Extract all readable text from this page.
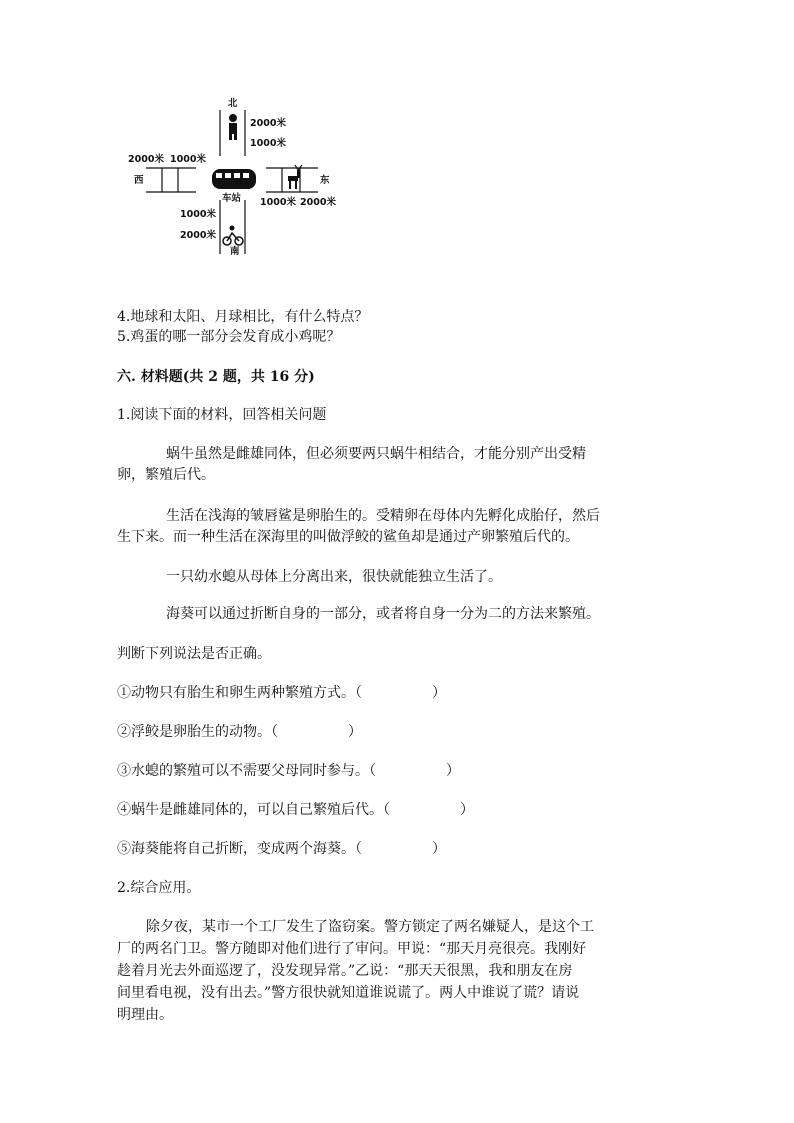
北
2000米
1000米
2000米 1000米
西	东
1000米 2000米
车站
1000米
2000米
南
4.地球和太阳、月球相比，有什么特点？
5.鸡蛋的哪一部分会发育成小鸡呢？
六. 材料题(共 2 题，共 16 分)
1.阅读下面的材料，回答相关问题
蜗牛虽然是雌雄同体，但必须要两只蜗牛相结合，才能分别产出受精
卵，繁殖后代。
生活在浅海的皱唇鲨是卵胎生的。受精卵在母体内先孵化成胎仔，然后
生下来。而一种生活在深海里的叫做浮鲛的鲨鱼却是通过产卵繁殖后代的。
一只幼水螅从母体上分离出来，很快就能独立生活了。
海葵可以通过折断自身的一部分，或者将自身一分为二的方法来繁殖。
判断下列说法是否正确。
①动物只有胎生和卵生两种繁殖方式。（　　　　　）
②浮鲛是卵胎生的动物。（　　　　　）
③水螅的繁殖可以不需要父母同时参与。（　　　　　）
④蜗牛是雌雄同体的，可以自己繁殖后代。（　　　　　）
⑤海葵能将自己折断，变成两个海葵。（　　　　　）
2.综合应用。
除夕夜，某市一个工厂发生了盗窃案。警方锁定了两名嫌疑人，是这个工
厂的两名门卫。警方随即对他们进行了审问。甲说：“那天月亮很亮。我刚好
趁着月光去外面巡逻了，没发现异常。”乙说：“那天天很黑，我和朋友在房
间里看电视，没有出去。”警方很快就知道谁说谎了。两人中谁说了谎？请说
明理由。
